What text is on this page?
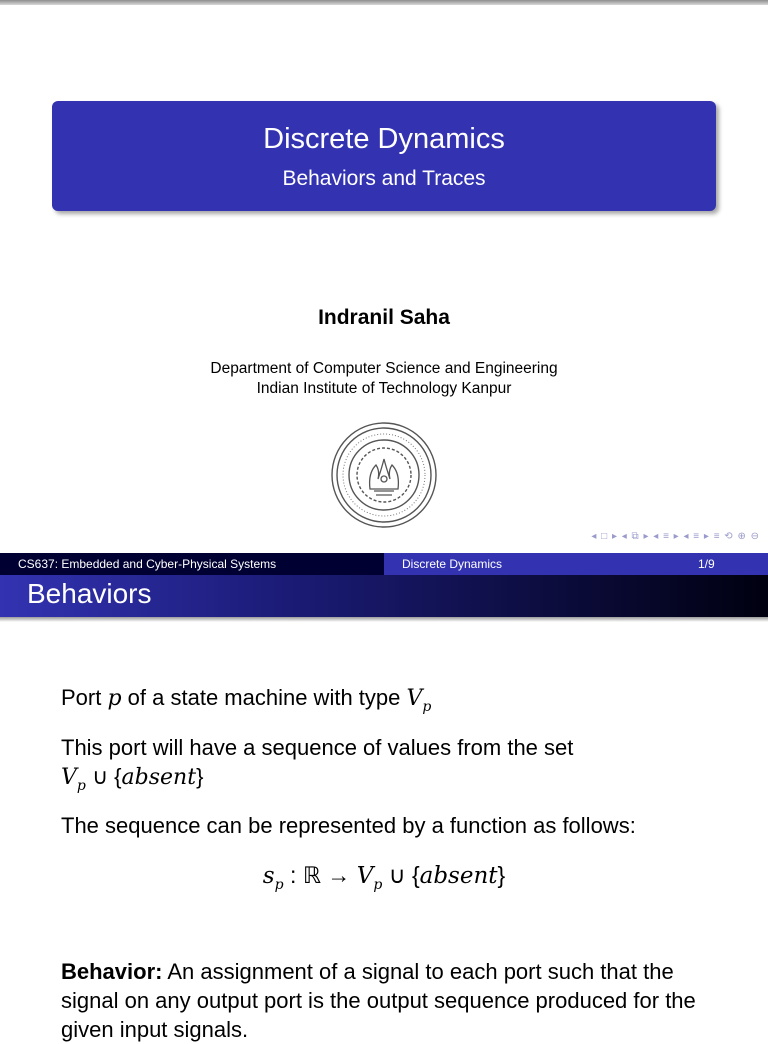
Discrete Dynamics
Behaviors and Traces
Indranil Saha
Department of Computer Science and Engineering
Indian Institute of Technology Kanpur
◂ □ ▸ ◂ ⧉ ▸ ◂ ≡ ▸ ◂ ≡ ▸ ≡ ⟲ ⊕ ⊖
CS637: Embedded and Cyber-Physical Systems	Discrete Dynamics	1/9
Behaviors
Port p of a state machine with type $V_p$
This port will have a sequence of values from the set
$V_p$ ∪ {absent}
The sequence can be represented by a function as follows:
$s_p$ : ℝ → $V_p$ ∪ {absent}
Behavior: An assignment of a signal to each port such that the signal on any output port is the output sequence produced for the given input signals.
